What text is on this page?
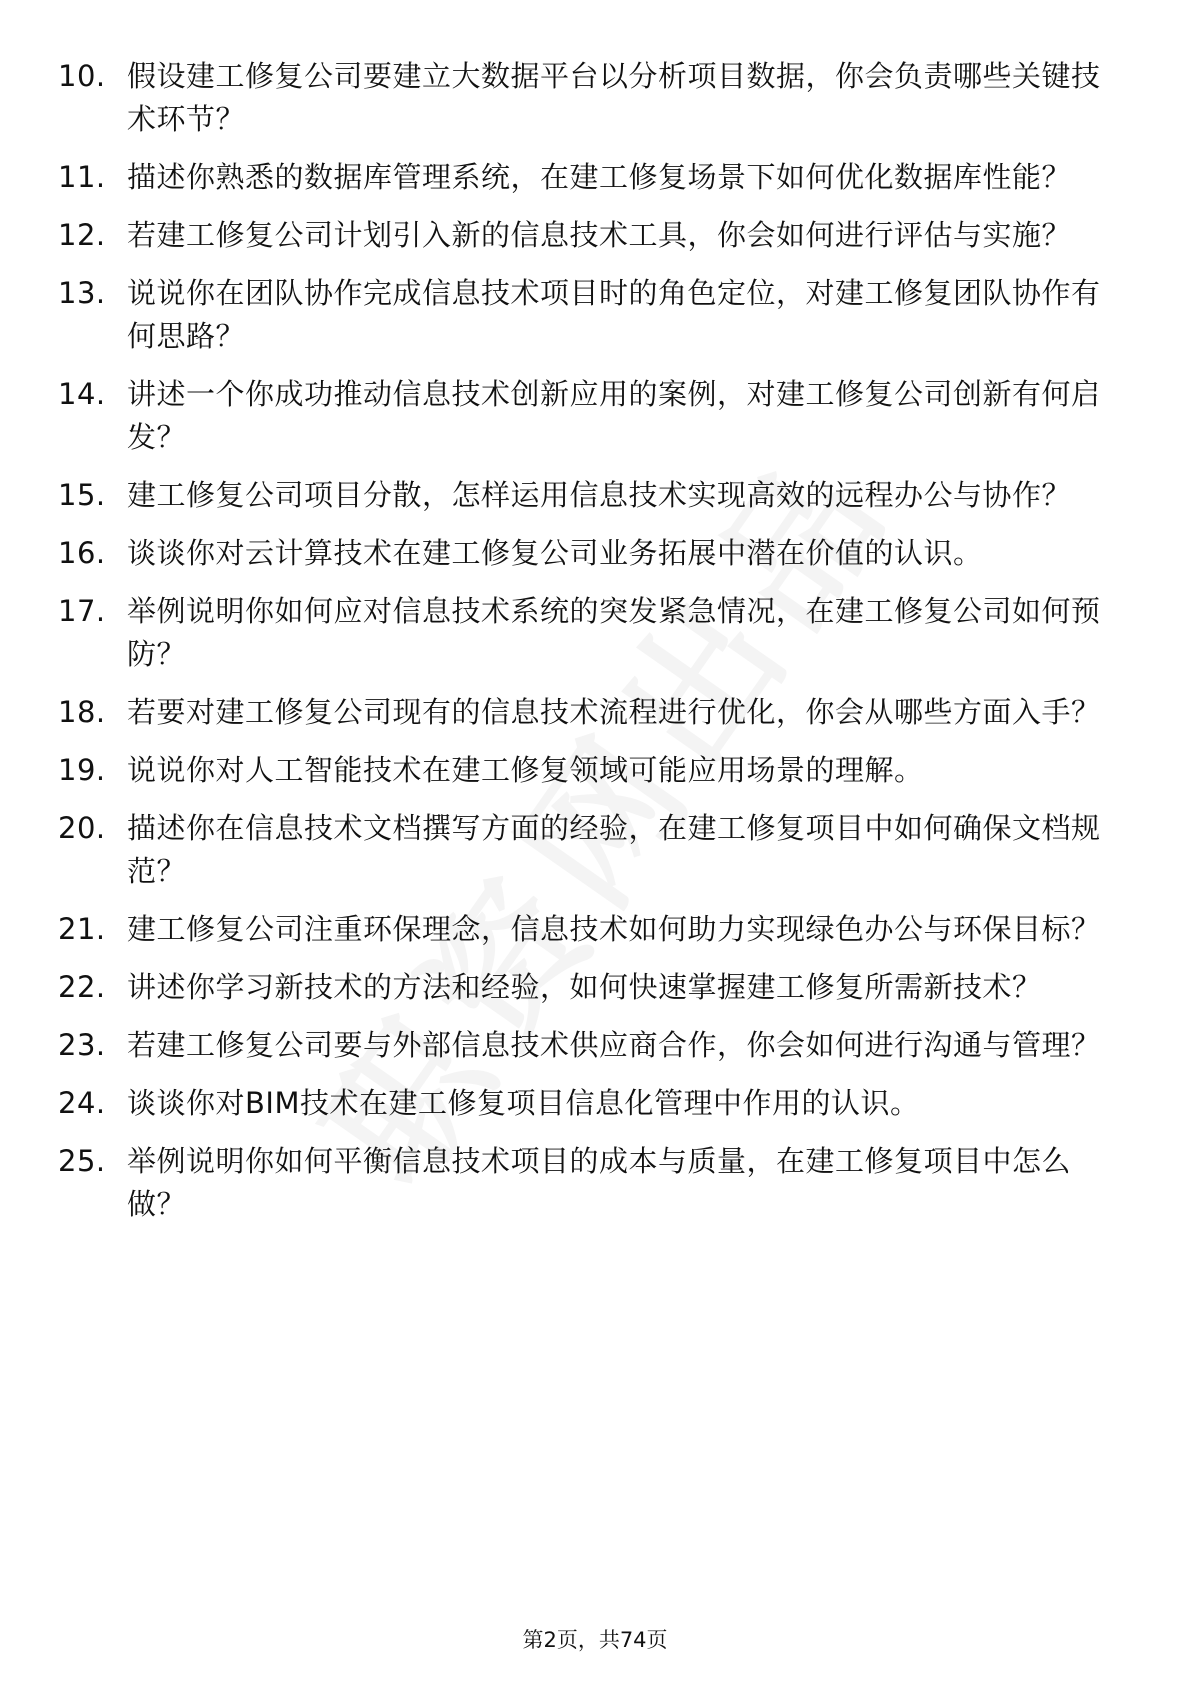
10. 假设建工修复公司要建立大数据平台以分析项目数据，你会负责哪些关键技术环节？
11. 描述你熟悉的数据库管理系统，在建工修复场景下如何优化数据库性能？
12. 若建工修复公司计划引入新的信息技术工具，你会如何进行评估与实施？
13. 说说你在团队协作完成信息技术项目时的角色定位，对建工修复团队协作有何思路？
14. 讲述一个你成功推动信息技术创新应用的案例，对建工修复公司创新有何启发？
15. 建工修复公司项目分散，怎样运用信息技术实现高效的远程办公与协作？
16. 谈谈你对云计算技术在建工修复公司业务拓展中潜在价值的认识。
17. 举例说明你如何应对信息技术系统的突发紧急情况，在建工修复公司如何预防？
18. 若要对建工修复公司现有的信息技术流程进行优化，你会从哪些方面入手？
19. 说说你对人工智能技术在建工修复领域可能应用场景的理解。
20. 描述你在信息技术文档撰写方面的经验，在建工修复项目中如何确保文档规范？
21. 建工修复公司注重环保理念，信息技术如何助力实现绿色办公与环保目标？
22. 讲述你学习新技术的方法和经验，如何快速掌握建工修复所需新技术？
23. 若建工修复公司要与外部信息技术供应商合作，你会如何进行沟通与管理？
24. 谈谈你对BIM技术在建工修复项目信息化管理中作用的认识。
25. 举例说明你如何平衡信息技术项目的成本与质量，在建工修复项目中怎么做？
第2页，共74页
